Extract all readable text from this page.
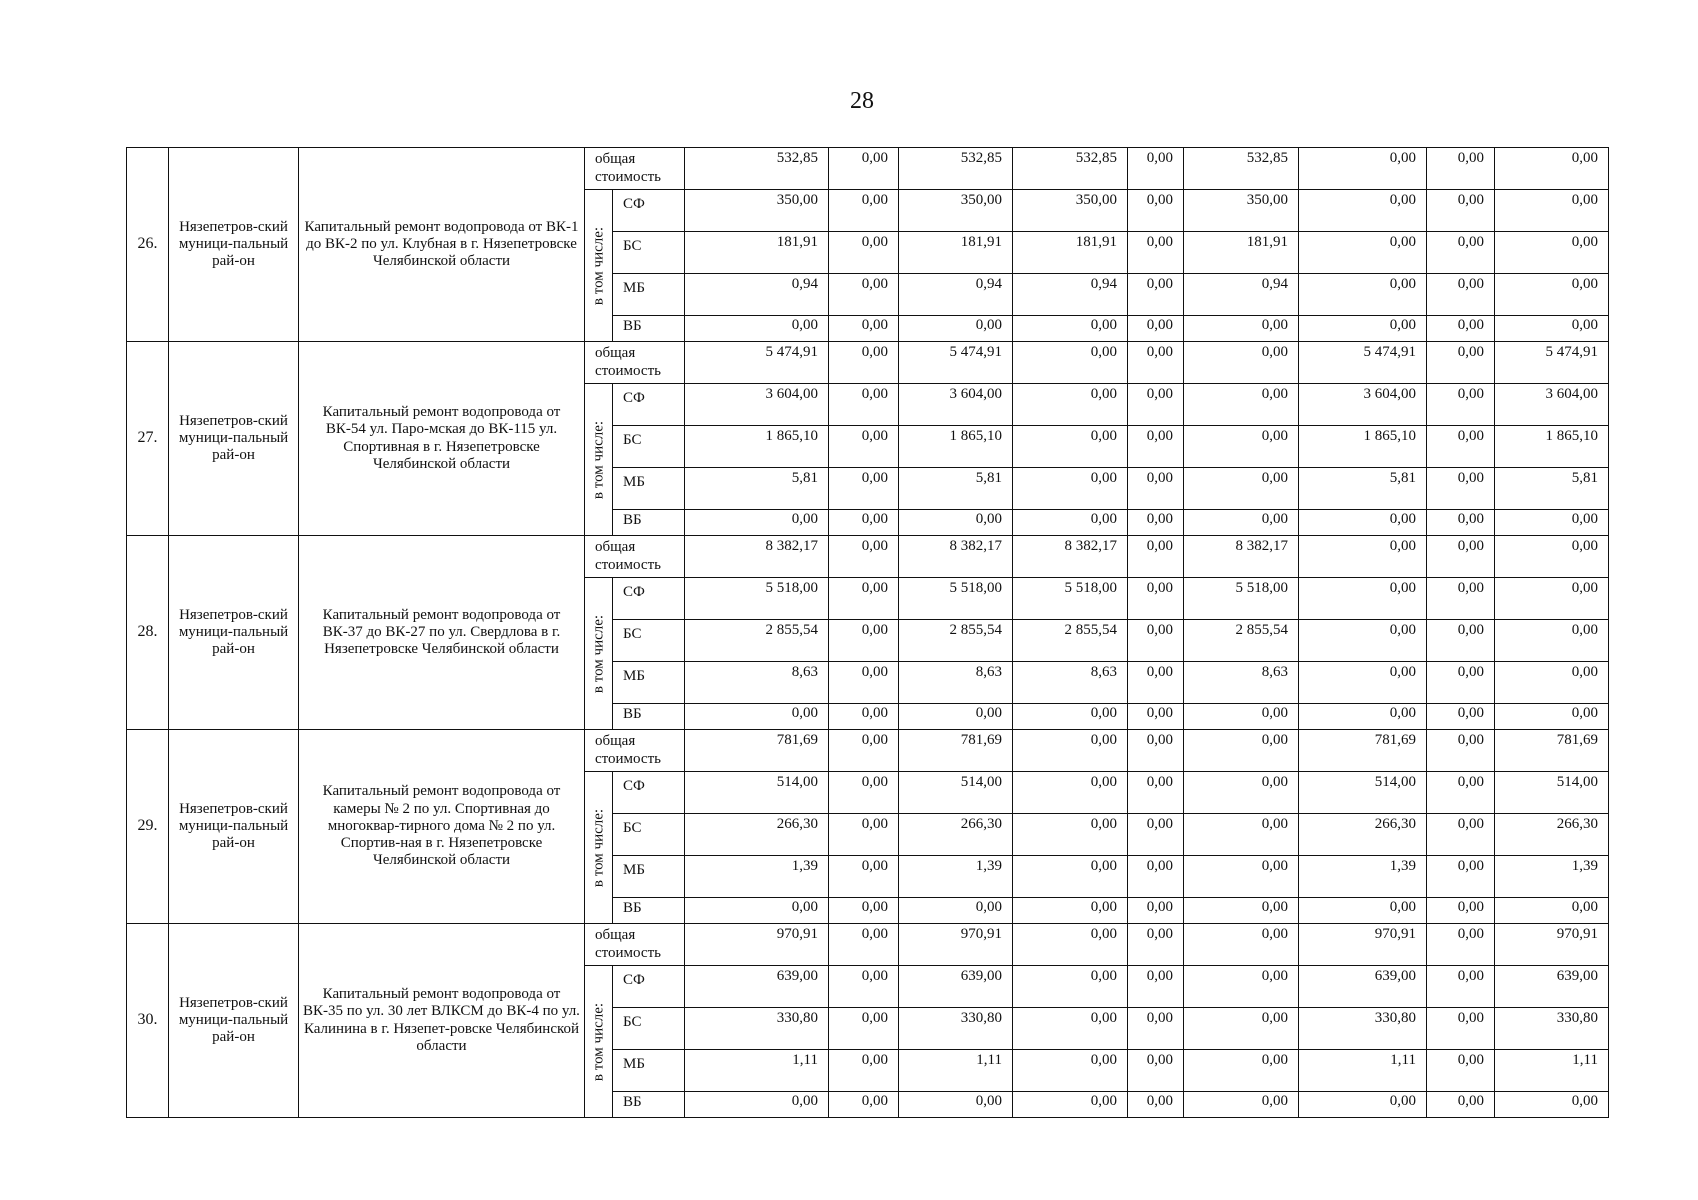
28
26.	Нязепетров-ский муници-пальный рай-он	Капитальный ремонт водопровода от ВК-1 до ВК-2 по ул. Клубная в г. Нязепетровске Челябинской области	общая стоимость		532,85	0,00	532,85	532,85	0,00	532,85	0,00	0,00	0,00

			в том числе:	СФ	350,00	0,00	350,00	350,00	0,00	350,00	0,00	0,00	0,00
				БС	181,91	0,00	181,91	181,91	0,00	181,91	0,00	0,00	0,00
				МБ	0,94	0,00	0,94	0,94	0,00	0,94	0,00	0,00	0,00
				ВБ	0,00	0,00	0,00	0,00	0,00	0,00	0,00	0,00	0,00
27.	Нязепетров-ский муници-пальный рай-он	Капитальный ремонт водопровода от ВК-54 ул. Паро-мская до ВК-115 ул. Спортивная в г. Нязепетровске Челябинской области	общая стоимость		5 474,91	0,00	5 474,91	0,00	0,00	0,00	5 474,91	0,00	5 474,91

			в том числе:	СФ	3 604,00	0,00	3 604,00	0,00	0,00	0,00	3 604,00	0,00	3 604,00
				БС	1 865,10	0,00	1 865,10	0,00	0,00	0,00	1 865,10	0,00	1 865,10
				МБ	5,81	0,00	5,81	0,00	0,00	0,00	5,81	0,00	5,81
				ВБ	0,00	0,00	0,00	0,00	0,00	0,00	0,00	0,00	0,00
28.	Нязепетров-ский муници-пальный рай-он	Капитальный ремонт водопровода от ВК-37 до ВК-27 по ул. Свердлова в г. Нязепетровске Челябинской области	общая стоимость		8 382,17	0,00	8 382,17	8 382,17	0,00	8 382,17	0,00	0,00	0,00

			в том числе:	СФ	5 518,00	0,00	5 518,00	5 518,00	0,00	5 518,00	0,00	0,00	0,00
				БС	2 855,54	0,00	2 855,54	2 855,54	0,00	2 855,54	0,00	0,00	0,00
				МБ	8,63	0,00	8,63	8,63	0,00	8,63	0,00	0,00	0,00
				ВБ	0,00	0,00	0,00	0,00	0,00	0,00	0,00	0,00	0,00
29.	Нязепетров-ский муници-пальный рай-он	Капитальный ремонт водопровода от камеры № 2 по ул. Спортивная до многоквар-тирного дома № 2 по ул. Спортив-ная в г. Нязепетровске Челябинской области	общая стоимость		781,69	0,00	781,69	0,00	0,00	0,00	781,69	0,00	781,69

			в том числе:	СФ	514,00	0,00	514,00	0,00	0,00	0,00	514,00	0,00	514,00
				БС	266,30	0,00	266,30	0,00	0,00	0,00	266,30	0,00	266,30
				МБ	1,39	0,00	1,39	0,00	0,00	0,00	1,39	0,00	1,39
				ВБ	0,00	0,00	0,00	0,00	0,00	0,00	0,00	0,00	0,00
30.	Нязепетров-ский муници-пальный рай-он	Капитальный ремонт водопровода от ВК-35 по ул. 30 лет ВЛКСМ до ВК-4 по ул. Калинина в г. Нязепет-ровске Челябинской области	общая стоимость		970,91	0,00	970,91	0,00	0,00	0,00	970,91	0,00	970,91

			в том числе:	СФ	639,00	0,00	639,00	0,00	0,00	0,00	639,00	0,00	639,00
				БС	330,80	0,00	330,80	0,00	0,00	0,00	330,80	0,00	330,80
				МБ	1,11	0,00	1,11	0,00	0,00	0,00	1,11	0,00	1,11
				ВБ	0,00	0,00	0,00	0,00	0,00	0,00	0,00	0,00	0,00
